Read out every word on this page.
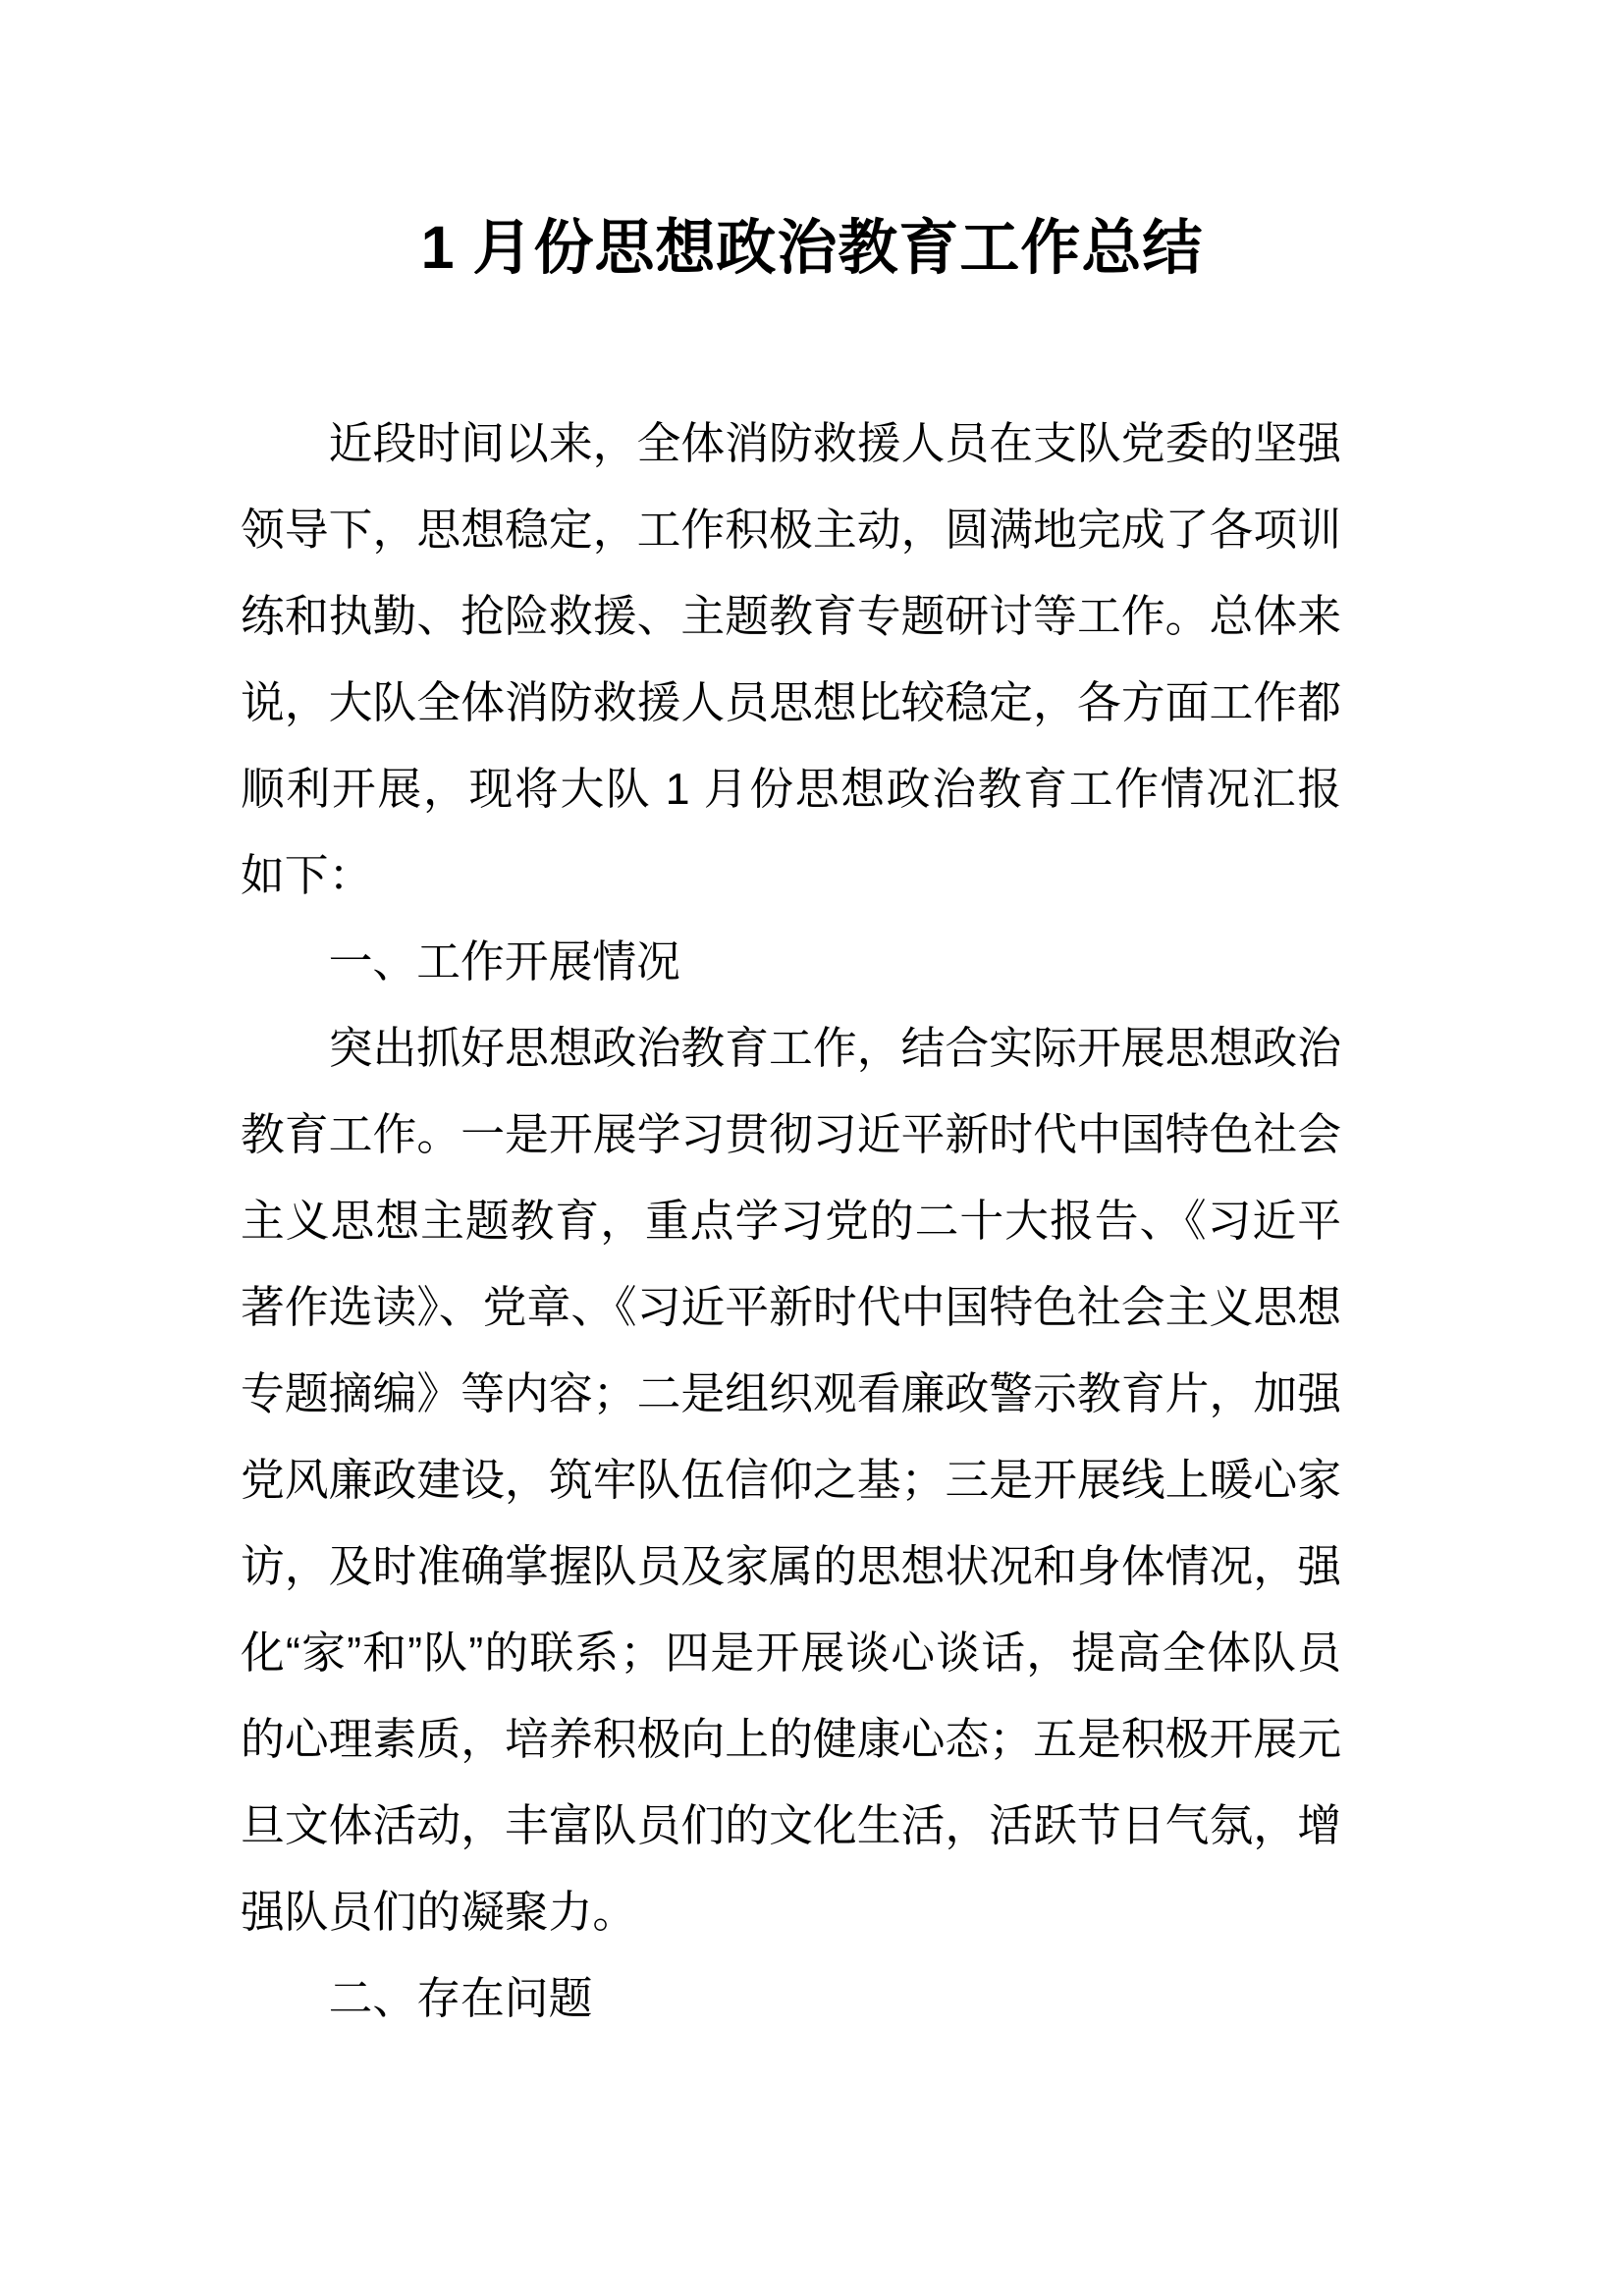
1 月份思想政治教育工作总结

近段时间以来，全体消防救援人员在支队党委的坚强领导下，思想稳定，工作积极主动，圆满地完成了各项训练和执勤、抢险救援、主题教育专题研讨等工作。总体来说，大队全体消防救援人员思想比较稳定，各方面工作都顺利开展，现将大队 1 月份思想政治教育工作情况汇报如下：

一、工作开展情况

突出抓好思想政治教育工作，结合实际开展思想政治教育工作。一是开展学习贯彻习近平新时代中国特色社会主义思想主题教育，重点学习党的二十大报告、《习近平著作选读》、党章、《习近平新时代中国特色社会主义思想专题摘编》等内容；二是组织观看廉政警示教育片，加强党风廉政建设，筑牢队伍信仰之基；三是开展线上暖心家访，及时准确掌握队员及家属的思想状况和身体情况，强化“家”和”队”的联系；四是开展谈心谈话，提高全体队员的心理素质，培养积极向上的健康心态；五是积极开展元旦文体活动，丰富队员们的文化生活，活跃节日气氛，增强队员们的凝聚力。

二、存在问题
